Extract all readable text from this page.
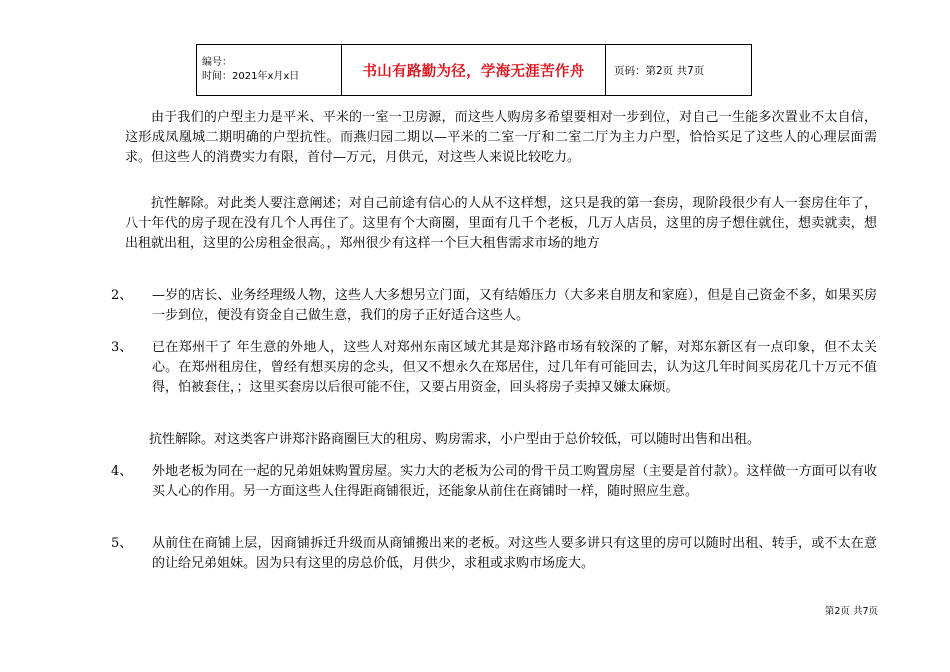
编号：
时间：2021年x月x日	书山有路勤为径，学海无涯苦作舟	页码：第2页 共7页
由于我们的户型主力是平米、平米的一室一卫房源，而这些人购房多希望要相对一步到位，对自己一生能多次置业不太自信，这形成凤凰城二期明确的户型抗性。而燕归园二期以—平米的二室一厅和二室二厅为主力户型，恰恰买足了这些人的心理层面需求。但这些人的消费实力有限，首付—万元，月供元，对这些人来说比较吃力。
抗性解除。对此类人要注意阐述；对自己前途有信心的人从不这样想，这只是我的第一套房，现阶段很少有人一套房住年了，八十年代的房子现在没有几个人再住了。这里有个大商圈，里面有几千个老板，几万人店员，这里的房子想住就住，想卖就卖，想出租就出租，这里的公房租金很高。，郑州很少有这样一个巨大租售需求市场的地方
2、	—岁的店长、业务经理级人物，这些人大多想另立门面，又有结婚压力（大多来自朋友和家庭），但是自己资金不多，如果买房一步到位，便没有资金自己做生意，我们的房子正好适合这些人。
3、	已在郑州干了 年生意的外地人，这些人对郑州东南区域尤其是郑汴路市场有较深的了解，对郑东新区有一点印象，但不太关心。在郑州租房住，曾经有想买房的念头，但又不想永久在郑居住，过几年有可能回去，认为这几年时间买房花几十万元不值得，怕被套住，；这里买套房以后很可能不住，又要占用资金，回头将房子卖掉又嫌太麻烦。
抗性解除。对这类客户讲郑汴路商圈巨大的租房、购房需求，小户型由于总价较低，可以随时出售和出租。
4、	外地老板为同在一起的兄弟姐妹购置房屋。实力大的老板为公司的骨干员工购置房屋（主要是首付款）。这样做一方面可以有收买人心的作用。另一方面这些人住得距商铺很近，还能象从前住在商铺时一样，随时照应生意。
5、	从前住在商铺上层，因商铺拆迁升级而从商铺搬出来的老板。对这些人要多讲只有这里的房可以随时出租、转手，或不太在意的让给兄弟姐妹。因为只有这里的房总价低，月供少，求租或求购市场庞大。
第2页 共7页
